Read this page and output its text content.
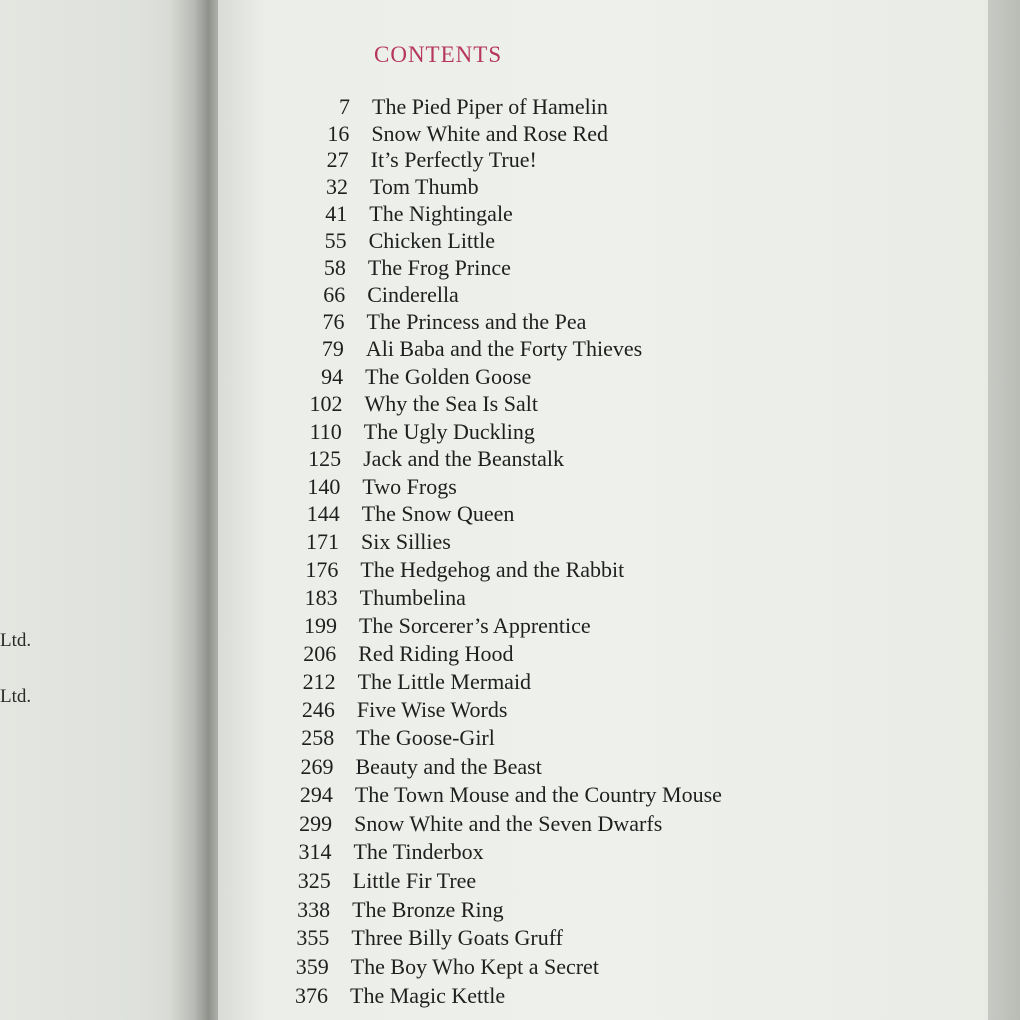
Ltd.
Ltd.
CONTENTS
7 The Pied Piper of Hamelin
16 Snow White and Rose Red
27 It’s Perfectly True!
32 Tom Thumb
41 The Nightingale
55 Chicken Little
58 The Frog Prince
66 Cinderella
76 The Princess and the Pea
79 Ali Baba and the Forty Thieves
94 The Golden Goose
102 Why the Sea Is Salt
110 The Ugly Duckling
125 Jack and the Beanstalk
140 Two Frogs
144 The Snow Queen
171 Six Sillies
176 The Hedgehog and the Rabbit
183 Thumbelina
199 The Sorcerer’s Apprentice
206 Red Riding Hood
212 The Little Mermaid
246 Five Wise Words
258 The Goose-Girl
269 Beauty and the Beast
294 The Town Mouse and the Country Mouse
299 Snow White and the Seven Dwarfs
314 The Tinderbox
325 Little Fir Tree
338 The Bronze Ring
355 Three Billy Goats Gruff
359 The Boy Who Kept a Secret
376 The Magic Kettle
